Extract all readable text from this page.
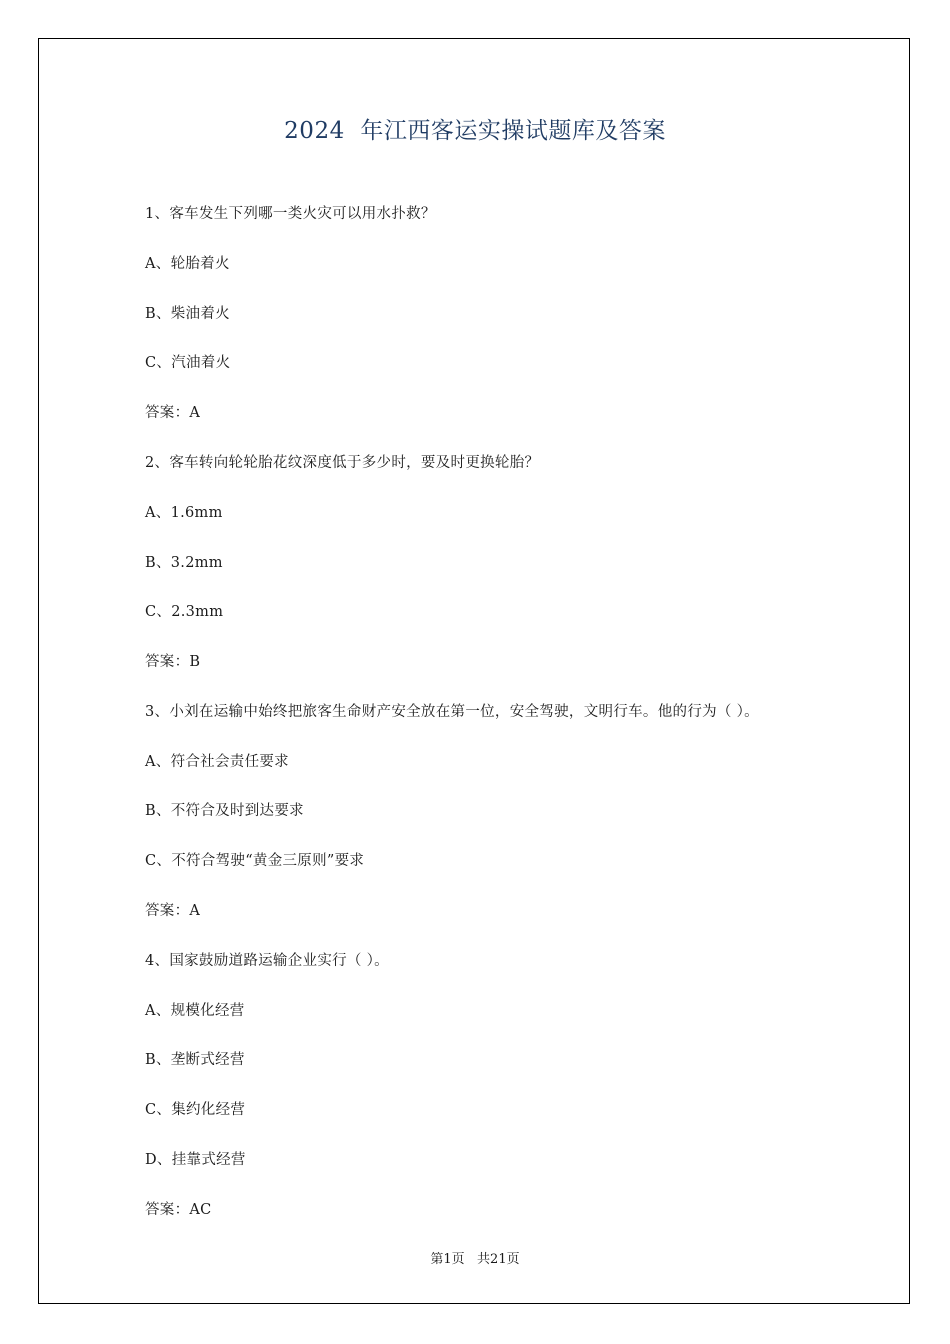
2024  年江西客运实操试题库及答案
1、客车发生下列哪一类火灾可以用水扑救？
A、轮胎着火
B、柴油着火
C、汽油着火
答案：A
2、客车转向轮轮胎花纹深度低于多少时，要及时更换轮胎？
A、1.6mm
B、3.2mm
C、2.3mm
答案：B
3、小刘在运输中始终把旅客生命财产安全放在第一位，安全驾驶，文明行车。他的行为（ ）。
A、符合社会责任要求
B、不符合及时到达要求
C、不符合驾驶“黄金三原则”要求
答案：A
4、国家鼓励道路运输企业实行（ ）。
A、规模化经营
B、垄断式经营
C、集约化经营
D、挂靠式经营
答案：AC
第1页   共21页
